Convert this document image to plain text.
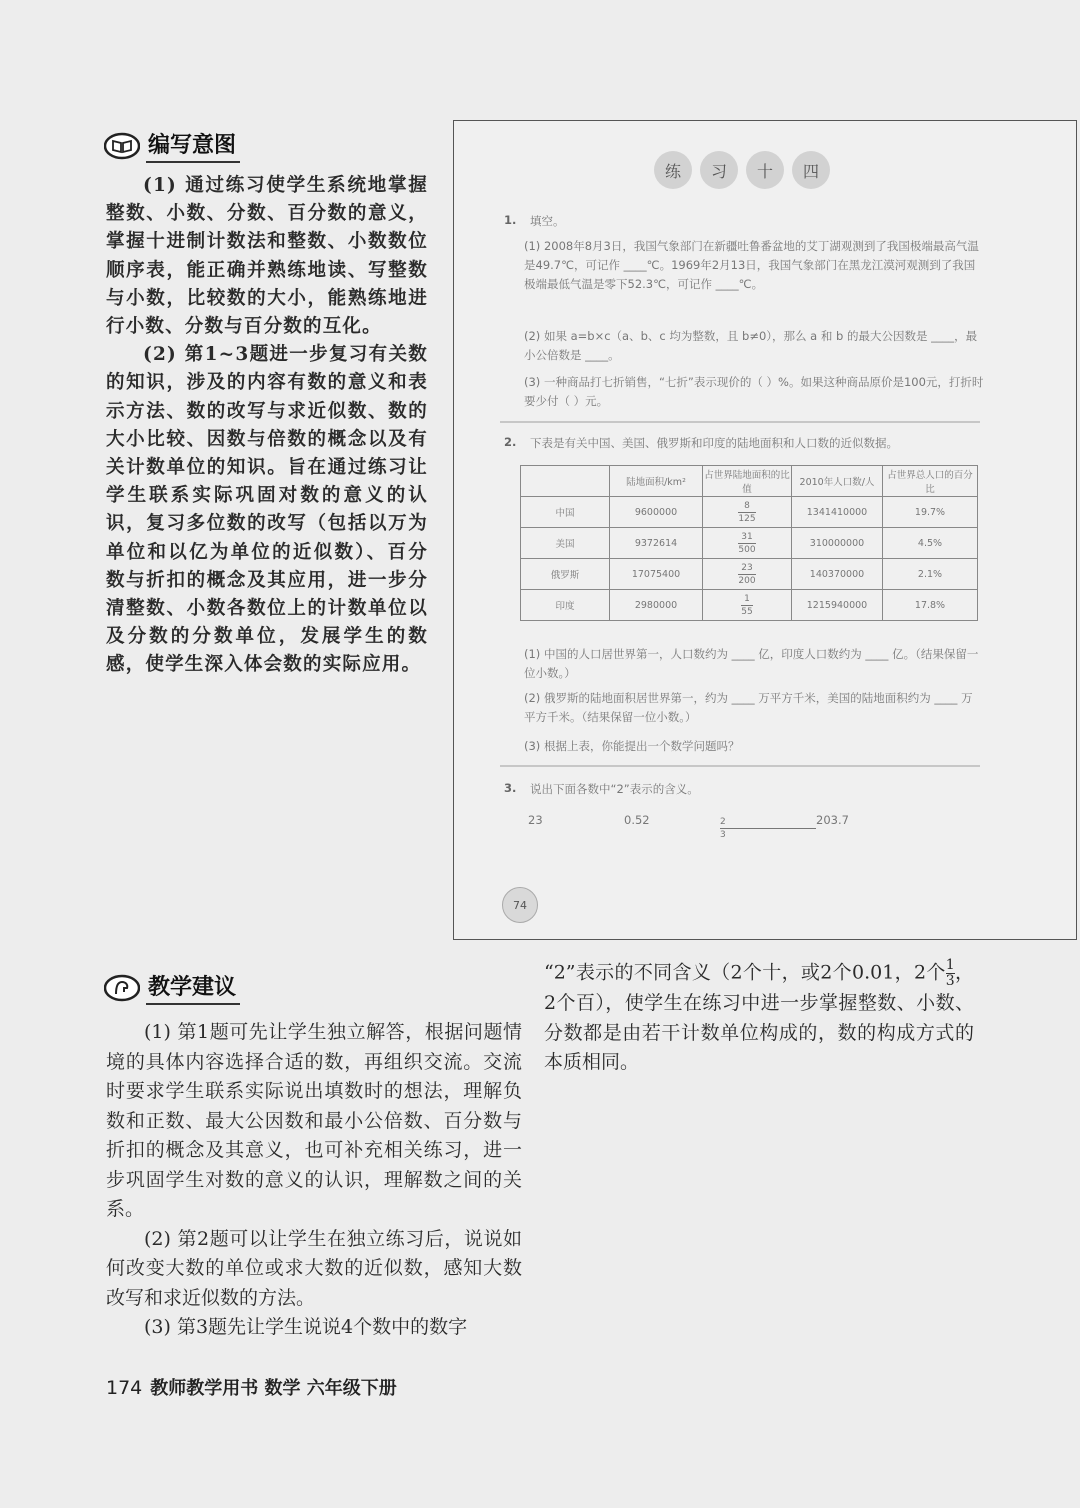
编写意图

(1) 通过练习使学生系统地掌握整数、小数、分数、百分数的意义，掌握十进制计数法和整数、小数数位顺序表，能正确并熟练地读、写整数与小数，比较数的大小，能熟练地进行小数、分数与百分数的互化。

(2) 第1~3题进一步复习有关数的知识，涉及的内容有数的意义和表示方法、数的改写与求近似数、数的大小比较、因数与倍数的概念以及有关计数单位的知识。旨在通过练习让学生联系实际巩固对数的意义的认识，复习多位数的改写（包括以万为单位和以亿为单位的近似数）、百分数与折扣的概念及其应用，进一步分清整数、小数各数位上的计数单位以及分数的分数单位，发展学生的数感，使学生深入体会数的实际应用。

练	习	十	四
1. 填空。
(1) 2008年8月3日，我国气象部门在新疆吐鲁番盆地的艾丁湖观测到了我国极端最高气温是49.7℃，可记作 ____℃。1969年2月13日，我国气象部门在黑龙江漠河观测到了我国极端最低气温是零下52.3℃，可记作 ____℃。
(2) 如果 a=b×c（a、b、c 均为整数，且 b≠0），那么 a 和 b 的最大公因数是 ____，最小公倍数是 ____。
(3) 一种商品打七折销售，“七折”表示现价的（ ）%。如果这种商品原价是100元，打折时要少付（ ）元。
2. 下表是有关中国、美国、俄罗斯和印度的陆地面积和人口数的近似数据。
	陆地面积/km²	占世界陆地面积的比值	2010年人口数/人	占世界总人口的百分比
中国	9600000	$\frac{8}{125}$	1341410000	19.7%
美国	9372614	$\frac{31}{500}$	310000000	4.5%
俄罗斯	17075400	$\frac{23}{200}$	140370000	2.1%
印度	2980000	$\frac{1}{55}$	1215940000	17.8%
(1) 中国的人口居世界第一，人口数约为 ____ 亿，印度人口数约为 ____ 亿。（结果保留一位小数。）
(2) 俄罗斯的陆地面积居世界第一，约为 ____ 万平方千米，美国的陆地面积约为 ____ 万平方千米。（结果保留一位小数。）
(3) 根据上表，你能提出一个数学问题吗？
3. 说出下面各数中“2”表示的含义。
23	0.52	$\frac{2}{3} 203.7$
74
教学建议

(1) 第1题可先让学生独立解答，根据问题情境的具体内容选择合适的数，再组织交流。交流时要求学生联系实际说出填数时的想法，理解负数和正数、最大公因数和最小公倍数、百分数与折扣的概念及其意义，也可补充相关练习，进一步巩固学生对数的意义的认识，理解数之间的关系。

(2) 第2题可以让学生在独立练习后，说说如何改变大数的单位或求大数的近似数，感知大数改写和求近似数的方法。

(3) 第3题先让学生说说4个数中的数字

“2”表示的不同含义（2个十，或2个0.01，2个 $\frac{1}{3}$ ，2个百），使学生在练习中进一步掌握整数、小数、分数都是由若干计数单位构成的，数的构成方式的本质相同。

174 教师教学用书 数学 六年级下册
